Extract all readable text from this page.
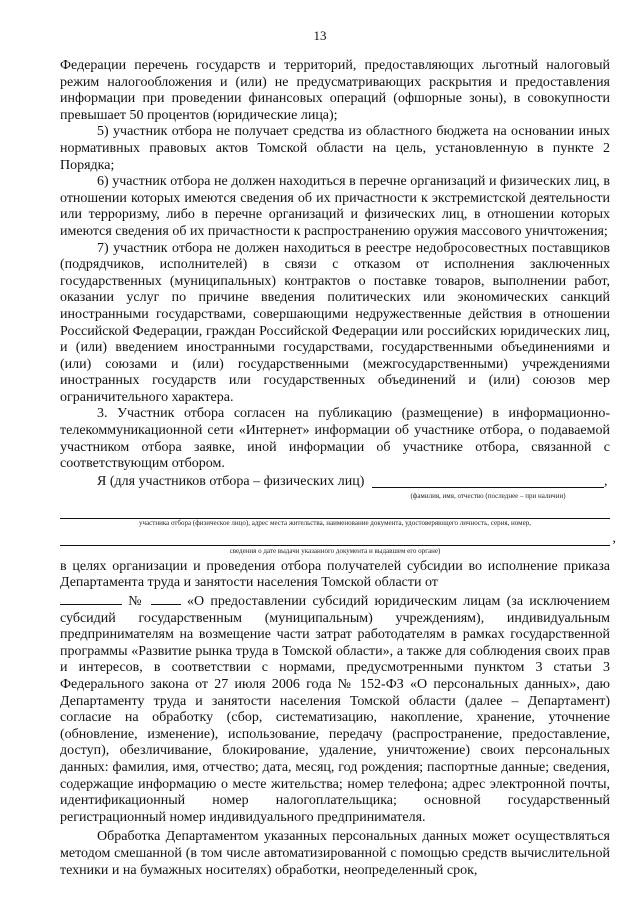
13

Федерации перечень государств и территорий, предоставляющих льготный налоговый режим налогообложения и (или) не предусматривающих раскрытия и предоставления информации при проведении финансовых операций (офшорные зоны), в совокупности превышает 50 процентов (юридические лица);

5) участник отбора не получает средства из областного бюджета на основании иных нормативных правовых актов Томской области на цель, установленную в пункте 2 Порядка;

6) участник отбора не должен находиться в перечне организаций и физических лиц, в отношении которых имеются сведения об их причастности к экстремистской деятельности или терроризму, либо в перечне организаций и физических лиц, в отношении которых имеются сведения об их причастности к распространению оружия массового уничтожения;

7) участник отбора не должен находиться в реестре недобросовестных поставщиков (подрядчиков, исполнителей) в связи с отказом от исполнения заключенных государственных (муниципальных) контрактов о поставке товаров, выполнении работ, оказании услуг по причине введения политических или экономических санкций иностранными государствами, совершающими недружественные действия в отношении Российской Федерации, граждан Российской Федерации или российских юридических лиц, и (или) введением иностранными государствами, государственными объединениями и (или) союзами и (или) государственными (межгосударственными) учреждениями иностранных государств или государственных объединений и (или) союзов мер ограничительного характера.

3. Участник отбора согласен на публикацию (размещение) в информационно-телекоммуникационной сети «Интернет» информации об участнике отбора, о подаваемой участником отбора заявке, иной информации об участнике отбора, связанной с соответствующим отбором.

Я (для участников отбора – физических лиц)	,
(фамилия, имя, отчество (последнее – при наличии)
участника отбора (физическое лицо), адрес места жительства, наименование документа, удостоверяющего личность, серия, номер,
,
сведения о дате выдачи указанного документа и выдавшем его органе)

в целях организации и проведения отбора получателей субсидии во исполнение приказа Департамента труда и занятости населения Томской области от
№	«О предоставлении субсидий юридическим лицам (за исключением субсидий государственным (муниципальным) учреждениям), индивидуальным предпринимателям на возмещение части затрат работодателям в рамках государственной программы «Развитие рынка труда в Томской области», а также для соблюдения своих прав и интересов, в соответствии с нормами, предусмотренными пунктом 3 статьи 3 Федерального закона от 27 июля 2006 года № 152-ФЗ «О персональных данных», даю Департаменту труда и занятости населения Томской области (далее – Департамент) согласие на обработку (сбор, систематизацию, накопление, хранение, уточнение (обновление, изменение), использование, передачу (распространение, предоставление, доступ), обезличивание, блокирование, удаление, уничтожение) своих персональных данных: фамилия, имя, отчество; дата, месяц, год рождения; паспортные данные; сведения, содержащие информацию о месте жительства; номер телефона; адрес электронной почты, идентификационный номер налогоплательщика; основной государственный регистрационный номер индивидуального предпринимателя.

Обработка Департаментом указанных персональных данных может осуществляться методом смешанной (в том числе автоматизированной с помощью средств вычислительной техники и на бумажных носителях) обработки, неопределенный срок,
